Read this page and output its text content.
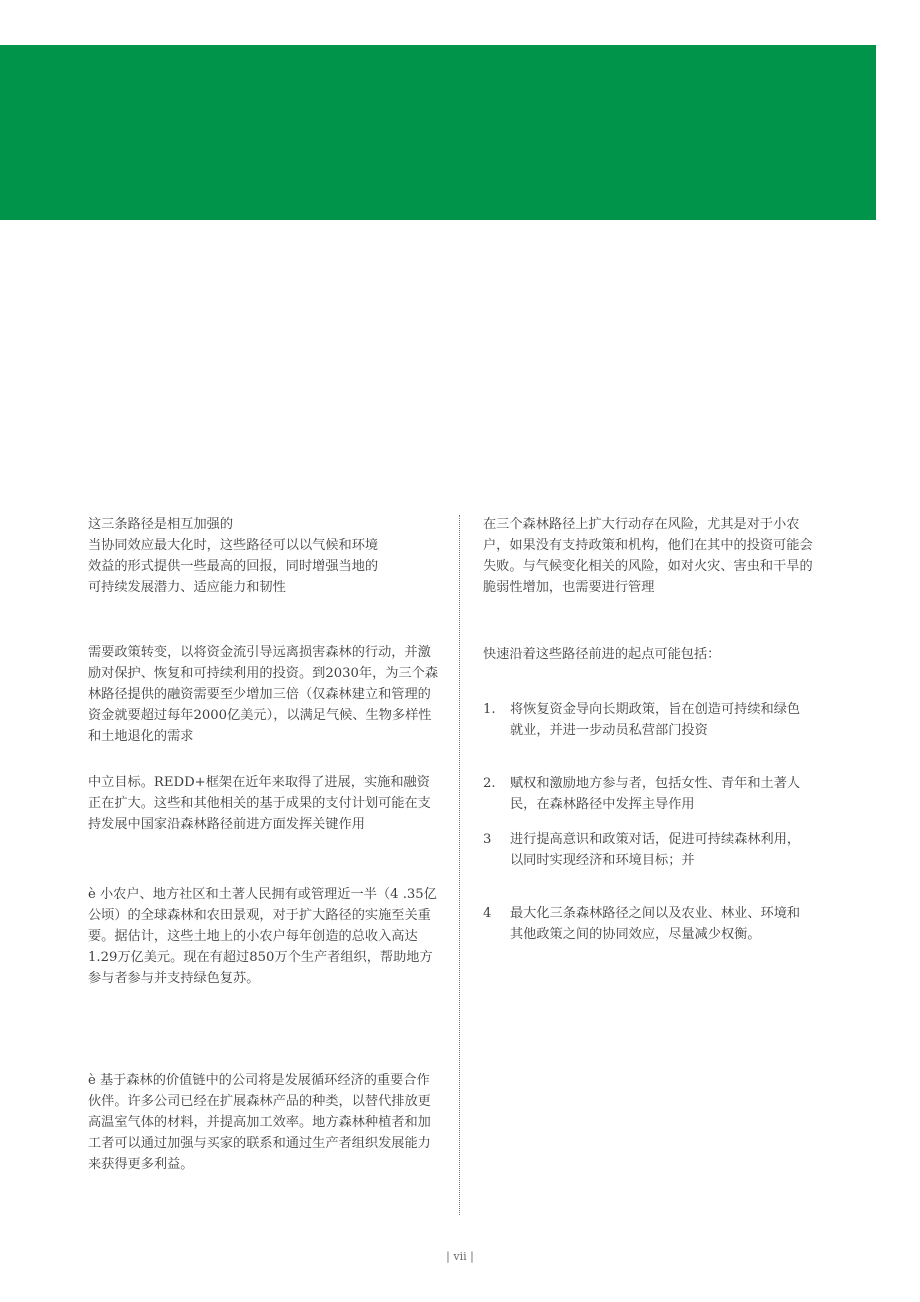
这三条路径是相互加强的
当协同效应最大化时，这些路径可以以气候和环境
效益的形式提供一些最高的回报，同时增强当地的
可持续发展潜力、适应能力和韧性

需要政策转变，以将资金流引导远离损害森林的行动，并激励对保护、恢复和可持续利用的投资。到2030年，为三个森林路径提供的融资需要至少增加三倍（仅森林建立和管理的资金就要超过每年2000亿美元），以满足气候、生物多样性和土地退化的需求

中立目标。REDD+框架在近年来取得了进展，实施和融资正在扩大。这些和其他相关的基于成果的支付计划可能在支持发展中国家沿森林路径前进方面发挥关键作用

è 小农户、地方社区和土著人民拥有或管理近一半（4 .35亿公顷）的全球森林和农田景观，对于扩大路径的实施至关重要。据估计，这些土地上的小农户每年创造的总收入高达1.29万亿美元。现在有超过850万个生产者组织，帮助地方参与者参与并支持绿色复苏。

è 基于森林的价值链中的公司将是发展循环经济的重要合作伙伴。许多公司已经在扩展森林产品的种类，以替代排放更高温室气体的材料，并提高加工效率。地方森林种植者和加工者可以通过加强与买家的联系和通过生产者组织发展能力来获得更多利益。

在三个森林路径上扩大行动存在风险，尤其是对于小农户，如果没有支持政策和机构，他们在其中的投资可能会失败。与气候变化相关的风险，如对火灾、害虫和干旱的脆弱性增加，也需要进行管理

快速沿着这些路径前进的起点可能包括：

1.	将恢复资金导向长期政策，旨在创造可持续和绿色就业，并进一步动员私营部门投资

2.	赋权和激励地方参与者，包括女性、青年和土著人民，在森林路径中发挥主导作用

3	进行提高意识和政策对话，促进可持续森林利用，以同时实现经济和环境目标；并

4	最大化三条森林路径之间以及农业、林业、环境和其他政策之间的协同效应，尽量减少权衡。

| vii |
